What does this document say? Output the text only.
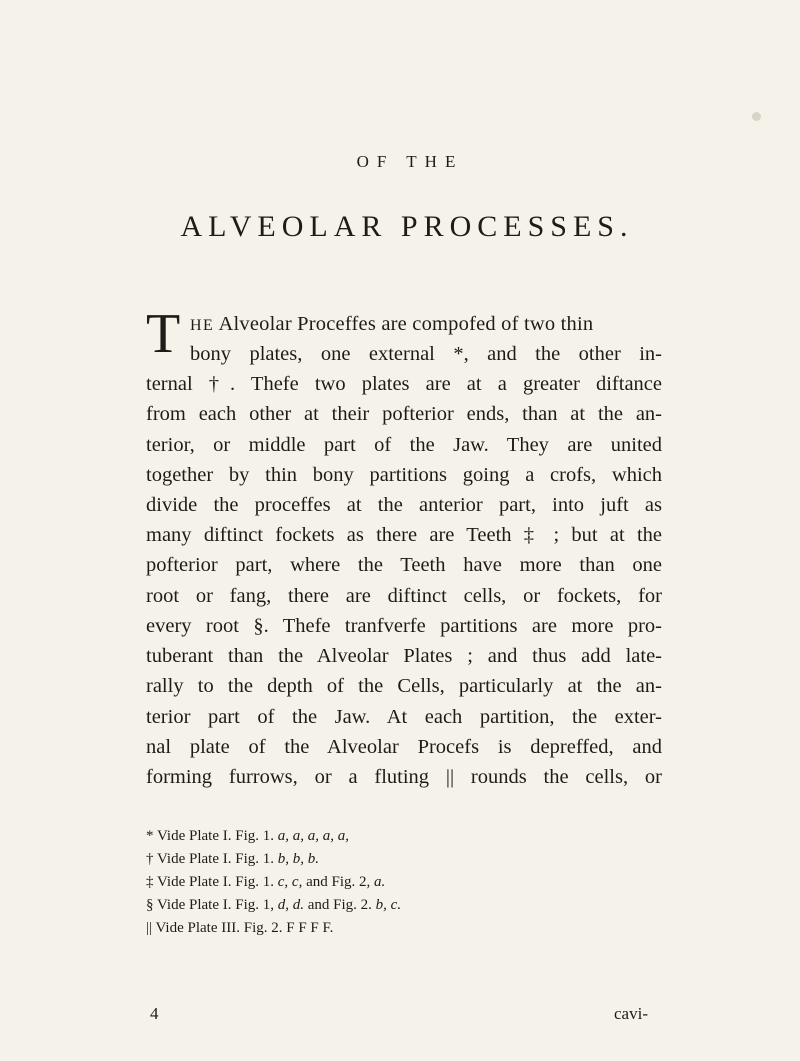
OF THE
ALVEOLAR PROCESSES.
T HE Alveolar Proceffes are compofed of two thin
bony plates, one external *, and the other in-
ternal †. Thefe two plates are at a greater diftance
from each other at their pofterior ends, than at the an-
terior, or middle part of the Jaw. They are united
together by thin bony partitions going a crofs, which
divide the proceffes at the anterior part, into juft as
many diftinct fockets as there are Teeth ‡ ; but at the
pofterior part, where the Teeth have more than one
root or fang, there are diftinct cells, or fockets, for
every root §. Thefe tranfverfe partitions are more pro-
tuberant than the Alveolar Plates ; and thus add late-
rally to the depth of the Cells, particularly at the an-
terior part of the Jaw. At each partition, the exter-
nal plate of the Alveolar Procefs is depreffed, and
forming furrows, or a fluting || rounds the cells, or
* Vide Plate I. Fig. 1. a, a, a, a, a,
† Vide Plate I. Fig. 1. b, b, b.
‡ Vide Plate I. Fig. 1. c, c, and Fig. 2, a.
§ Vide Plate I. Fig. 1, d, d. and Fig. 2. b, c.
|| Vide Plate III. Fig. 2. F F F F.
4	cavi-
